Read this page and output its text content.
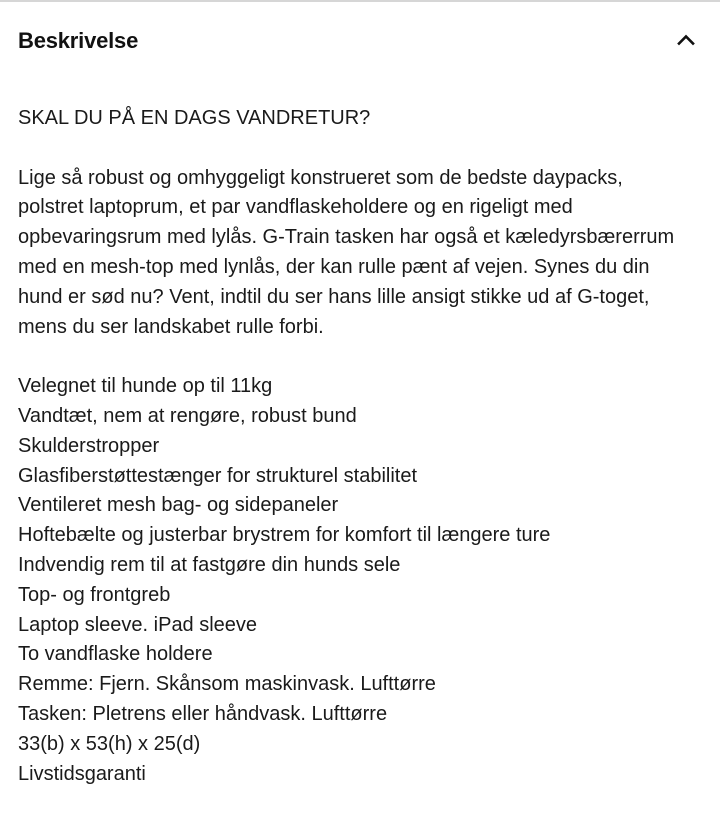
Beskrivelse

SKAL DU PÅ EN DAGS VANDRETUR?

Lige så robust og omhyggeligt konstrueret som de bedste daypacks,
polstret laptoprum, et par vandflaskeholdere og en rigeligt med
opbevaringsrum med lylås. G-Train tasken har også et kæledyrsbærerrum
med en mesh-top med lynlås, der kan rulle pænt af vejen. Synes du din
hund er sød nu? Vent, indtil du ser hans lille ansigt stikke ud af G-toget,
mens du ser landskabet rulle forbi.

Velegnet til hunde op til 11kg
Vandtæt, nem at rengøre, robust bund
Skulderstropper
Glasfiberstøttestænger for strukturel stabilitet
Ventileret mesh bag- og sidepaneler
Hoftebælte og justerbar brystrem for komfort til længere ture
Indvendig rem til at fastgøre din hunds sele
Top- og frontgreb
Laptop sleeve. iPad sleeve
To vandflaske holdere
Remme: Fjern. Skånsom maskinvask. Lufttørre
Tasken: Pletrens eller håndvask. Lufttørre
33(b) x 53(h) x 25(d)
Livstidsgaranti
